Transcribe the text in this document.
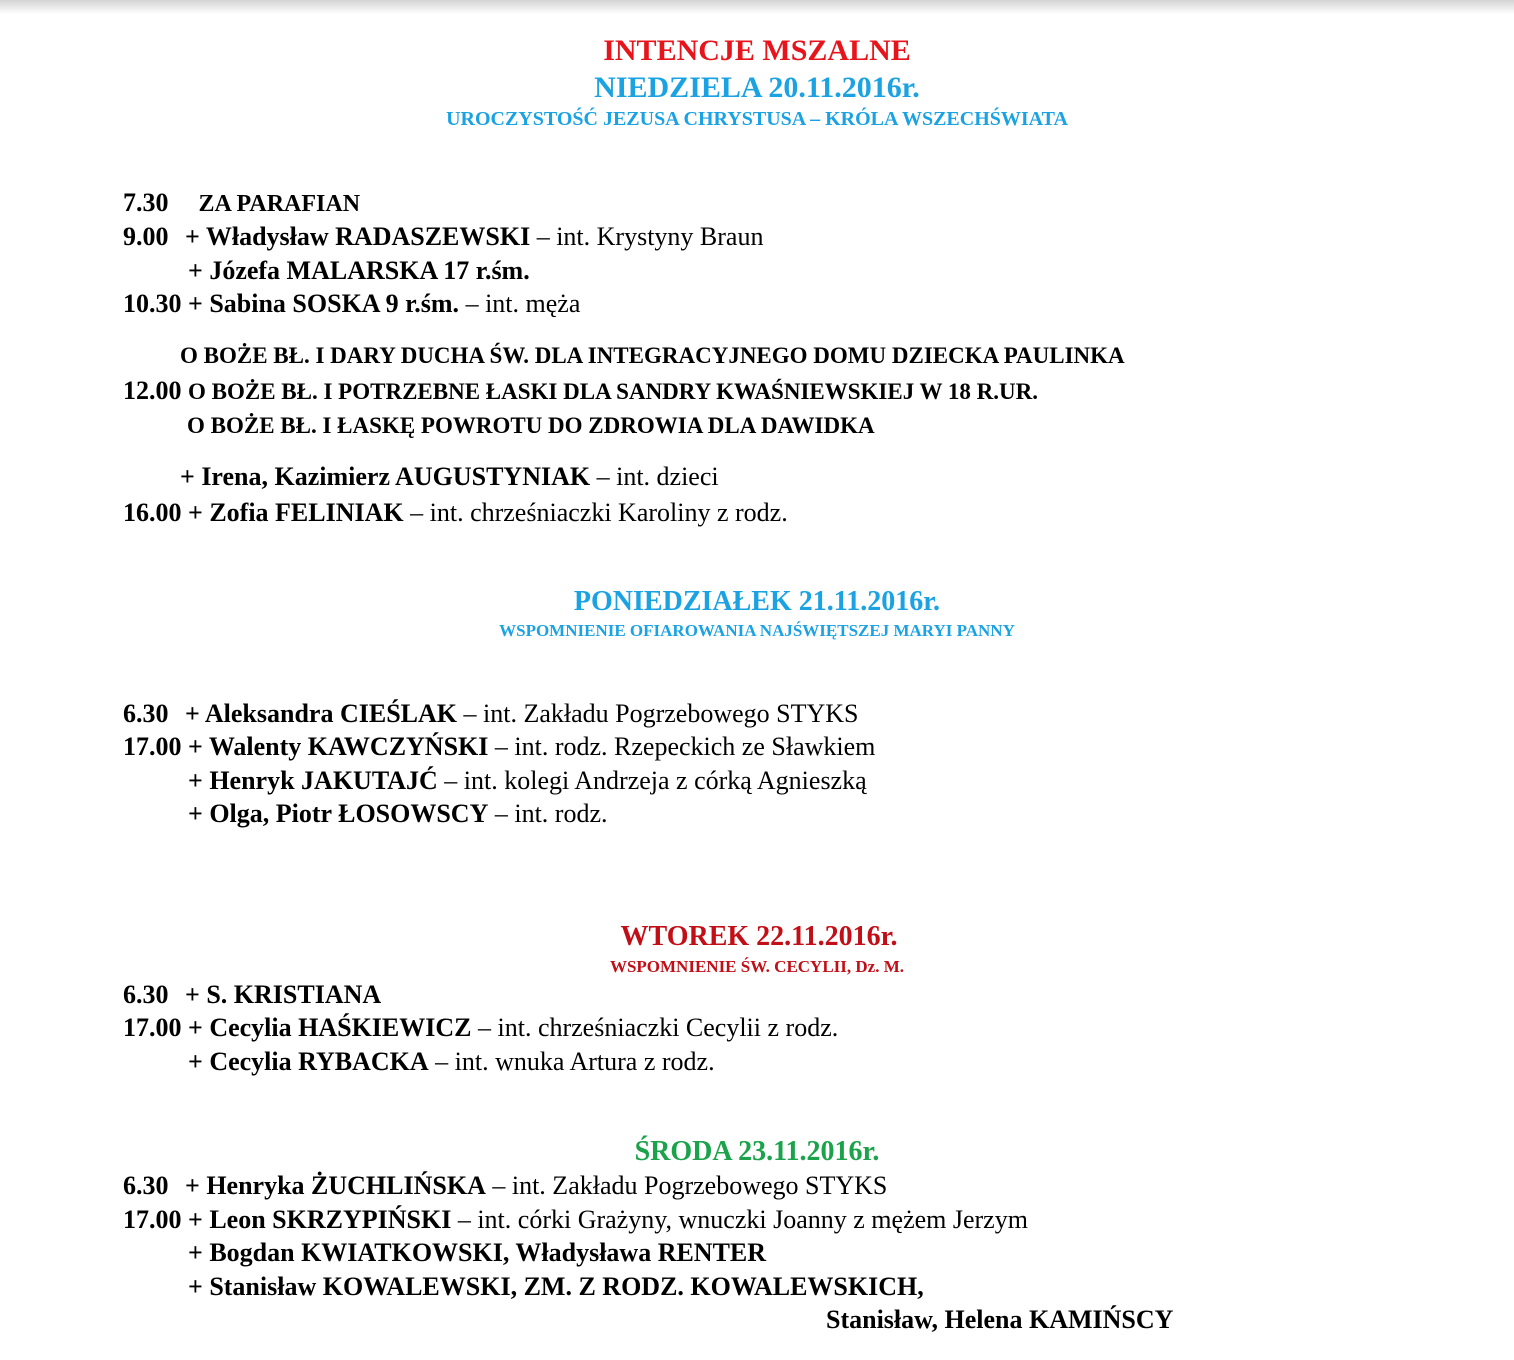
INTENCJE MSZALNE
NIEDZIELA 20.11.2016r.
UROCZYSTOŚĆ JEZUSA CHRYSTUSA – KRÓLA WSZECHŚWIATA
7.30 ZA PARAFIAN
9.00 + Władysław RADASZEWSKI – int. Krystyny Braun
+ Józefa MALARSKA 17 r.śm.
10.30 + Sabina SOSKA 9 r.śm. – int. męża
O BOŻE BŁ. I DARY DUCHA ŚW. DLA INTEGRACYJNEGO DOMU DZIECKA PAULINKA
12.00 O BOŻE BŁ. I POTRZEBNE ŁASKI DLA SANDRY KWAŚNIEWSKIEJ W 18 R.UR.
O BOŻE BŁ. I ŁASKĘ POWROTU DO ZDROWIA DLA DAWIDKA
+ Irena, Kazimierz AUGUSTYNIAK – int. dzieci
16.00 + Zofia FELINIAK – int. chrześniaczki Karoliny z rodz.
PONIEDZIAŁEK 21.11.2016r.
WSPOMNIENIE OFIAROWANIA NAJŚWIĘTSZEJ MARYI PANNY
6.30 + Aleksandra CIEŚLAK – int. Zakładu Pogrzebowego STYKS
17.00 + Walenty KAWCZYŃSKI – int. rodz. Rzepeckich ze Sławkiem
+ Henryk JAKUTAJĆ – int. kolegi Andrzeja z córką Agnieszką
+ Olga, Piotr ŁOSOWSCY – int. rodz.
WTOREK 22.11.2016r.
WSPOMNIENIE ŚW. CECYLII, Dz. M.
6.30 + S. KRISTIANA
17.00 + Cecylia HAŚKIEWICZ – int. chrześniaczki Cecylii z rodz.
+ Cecylia RYBACKA – int. wnuka Artura z rodz.
ŚRODA 23.11.2016r.
6.30 + Henryka ŻUCHLIŃSKA – int. Zakładu Pogrzebowego STYKS
17.00 + Leon SKRZYPIŃSKI – int. córki Grażyny, wnuczki Joanny z mężem Jerzym
+ Bogdan KWIATKOWSKI, Władysława RENTER
+ Stanisław KOWALEWSKI, ZM. Z RODZ. KOWALEWSKICH,
Stanisław, Helena KAMIŃSCY
